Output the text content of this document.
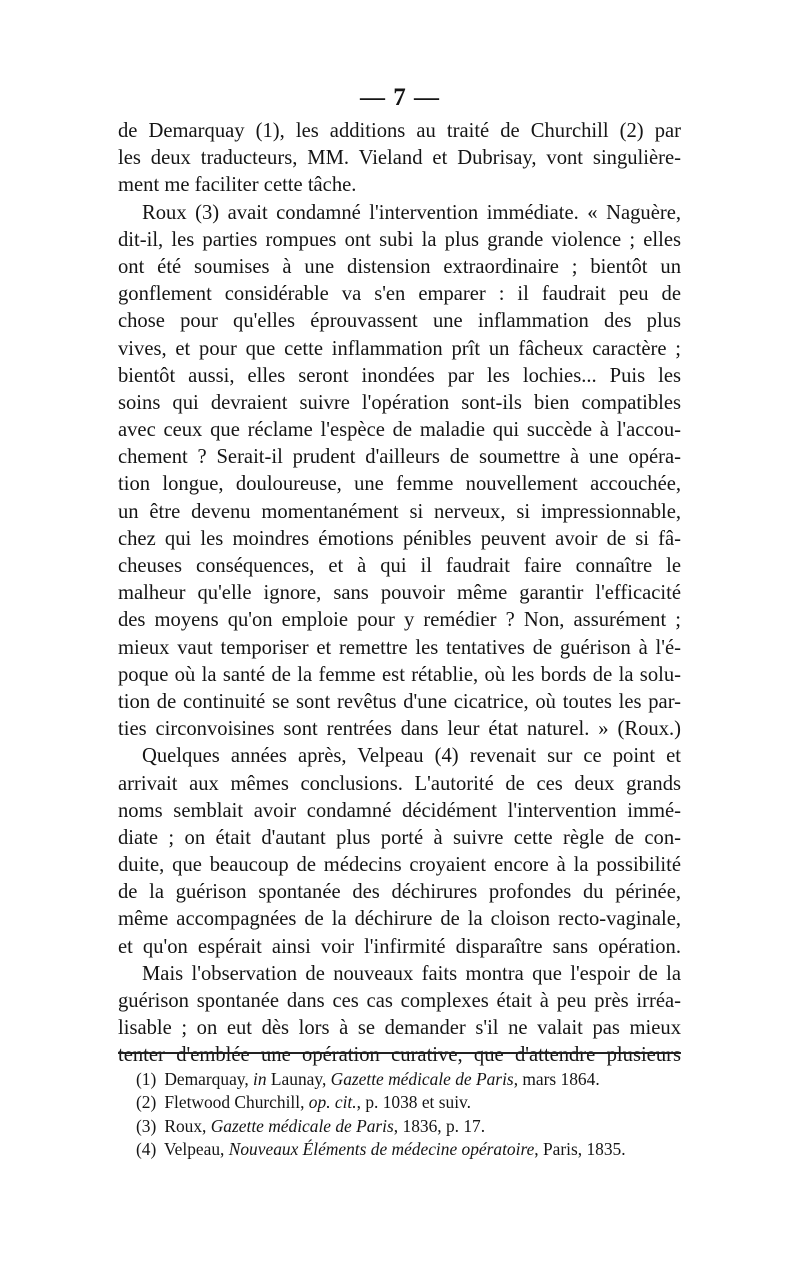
— 7 —
de Demarquay (1), les additions au traité de Churchill (2) par
les deux traducteurs, MM. Vieland et Dubrisay, vont singulière-
ment me faciliter cette tâche.
Roux (3) avait condamné l'intervention immédiate. « Naguère,
dit-il, les parties rompues ont subi la plus grande violence ; elles
ont été soumises à une distension extraordinaire ; bientôt un
gonflement considérable va s'en emparer : il faudrait peu de
chose pour qu'elles éprouvassent une inflammation des plus
vives, et pour que cette inflammation prît un fâcheux caractère ;
bientôt aussi, elles seront inondées par les lochies... Puis les
soins qui devraient suivre l'opération sont-ils bien compatibles
avec ceux que réclame l'espèce de maladie qui succède à l'accou-
chement ? Serait-il prudent d'ailleurs de soumettre à une opéra-
tion longue, douloureuse, une femme nouvellement accouchée,
un être devenu momentanément si nerveux, si impressionnable,
chez qui les moindres émotions pénibles peuvent avoir de si fâ-
cheuses conséquences, et à qui il faudrait faire connaître le
malheur qu'elle ignore, sans pouvoir même garantir l'efficacité
des moyens qu'on emploie pour y remédier ? Non, assurément ;
mieux vaut temporiser et remettre les tentatives de guérison à l'é-
poque où la santé de la femme est rétablie, où les bords de la solu-
tion de continuité se sont revêtus d'une cicatrice, où toutes les par-
ties circonvoisines sont rentrées dans leur état naturel. » (Roux.)
Quelques années après, Velpeau (4) revenait sur ce point et
arrivait aux mêmes conclusions. L'autorité de ces deux grands
noms semblait avoir condamné décidément l'intervention immé-
diate ; on était d'autant plus porté à suivre cette règle de con-
duite, que beaucoup de médecins croyaient encore à la possibilité
de la guérison spontanée des déchirures profondes du périnée,
même accompagnées de la déchirure de la cloison recto-vaginale,
et qu'on espérait ainsi voir l'infirmité disparaître sans opération.
Mais l'observation de nouveaux faits montra que l'espoir de la
guérison spontanée dans ces cas complexes était à peu près irréa-
lisable ; on eut dès lors à se demander s'il ne valait pas mieux
tenter d'emblée une opération curative, que d'attendre plusieurs
(1) Demarquay, in Launay, Gazette médicale de Paris, mars 1864.
(2) Fletwood Churchill, op. cit., p. 1038 et suiv.
(3) Roux, Gazette médicale de Paris, 1836, p. 17.
(4) Velpeau, Nouveaux Éléments de médecine opératoire, Paris, 1835.
